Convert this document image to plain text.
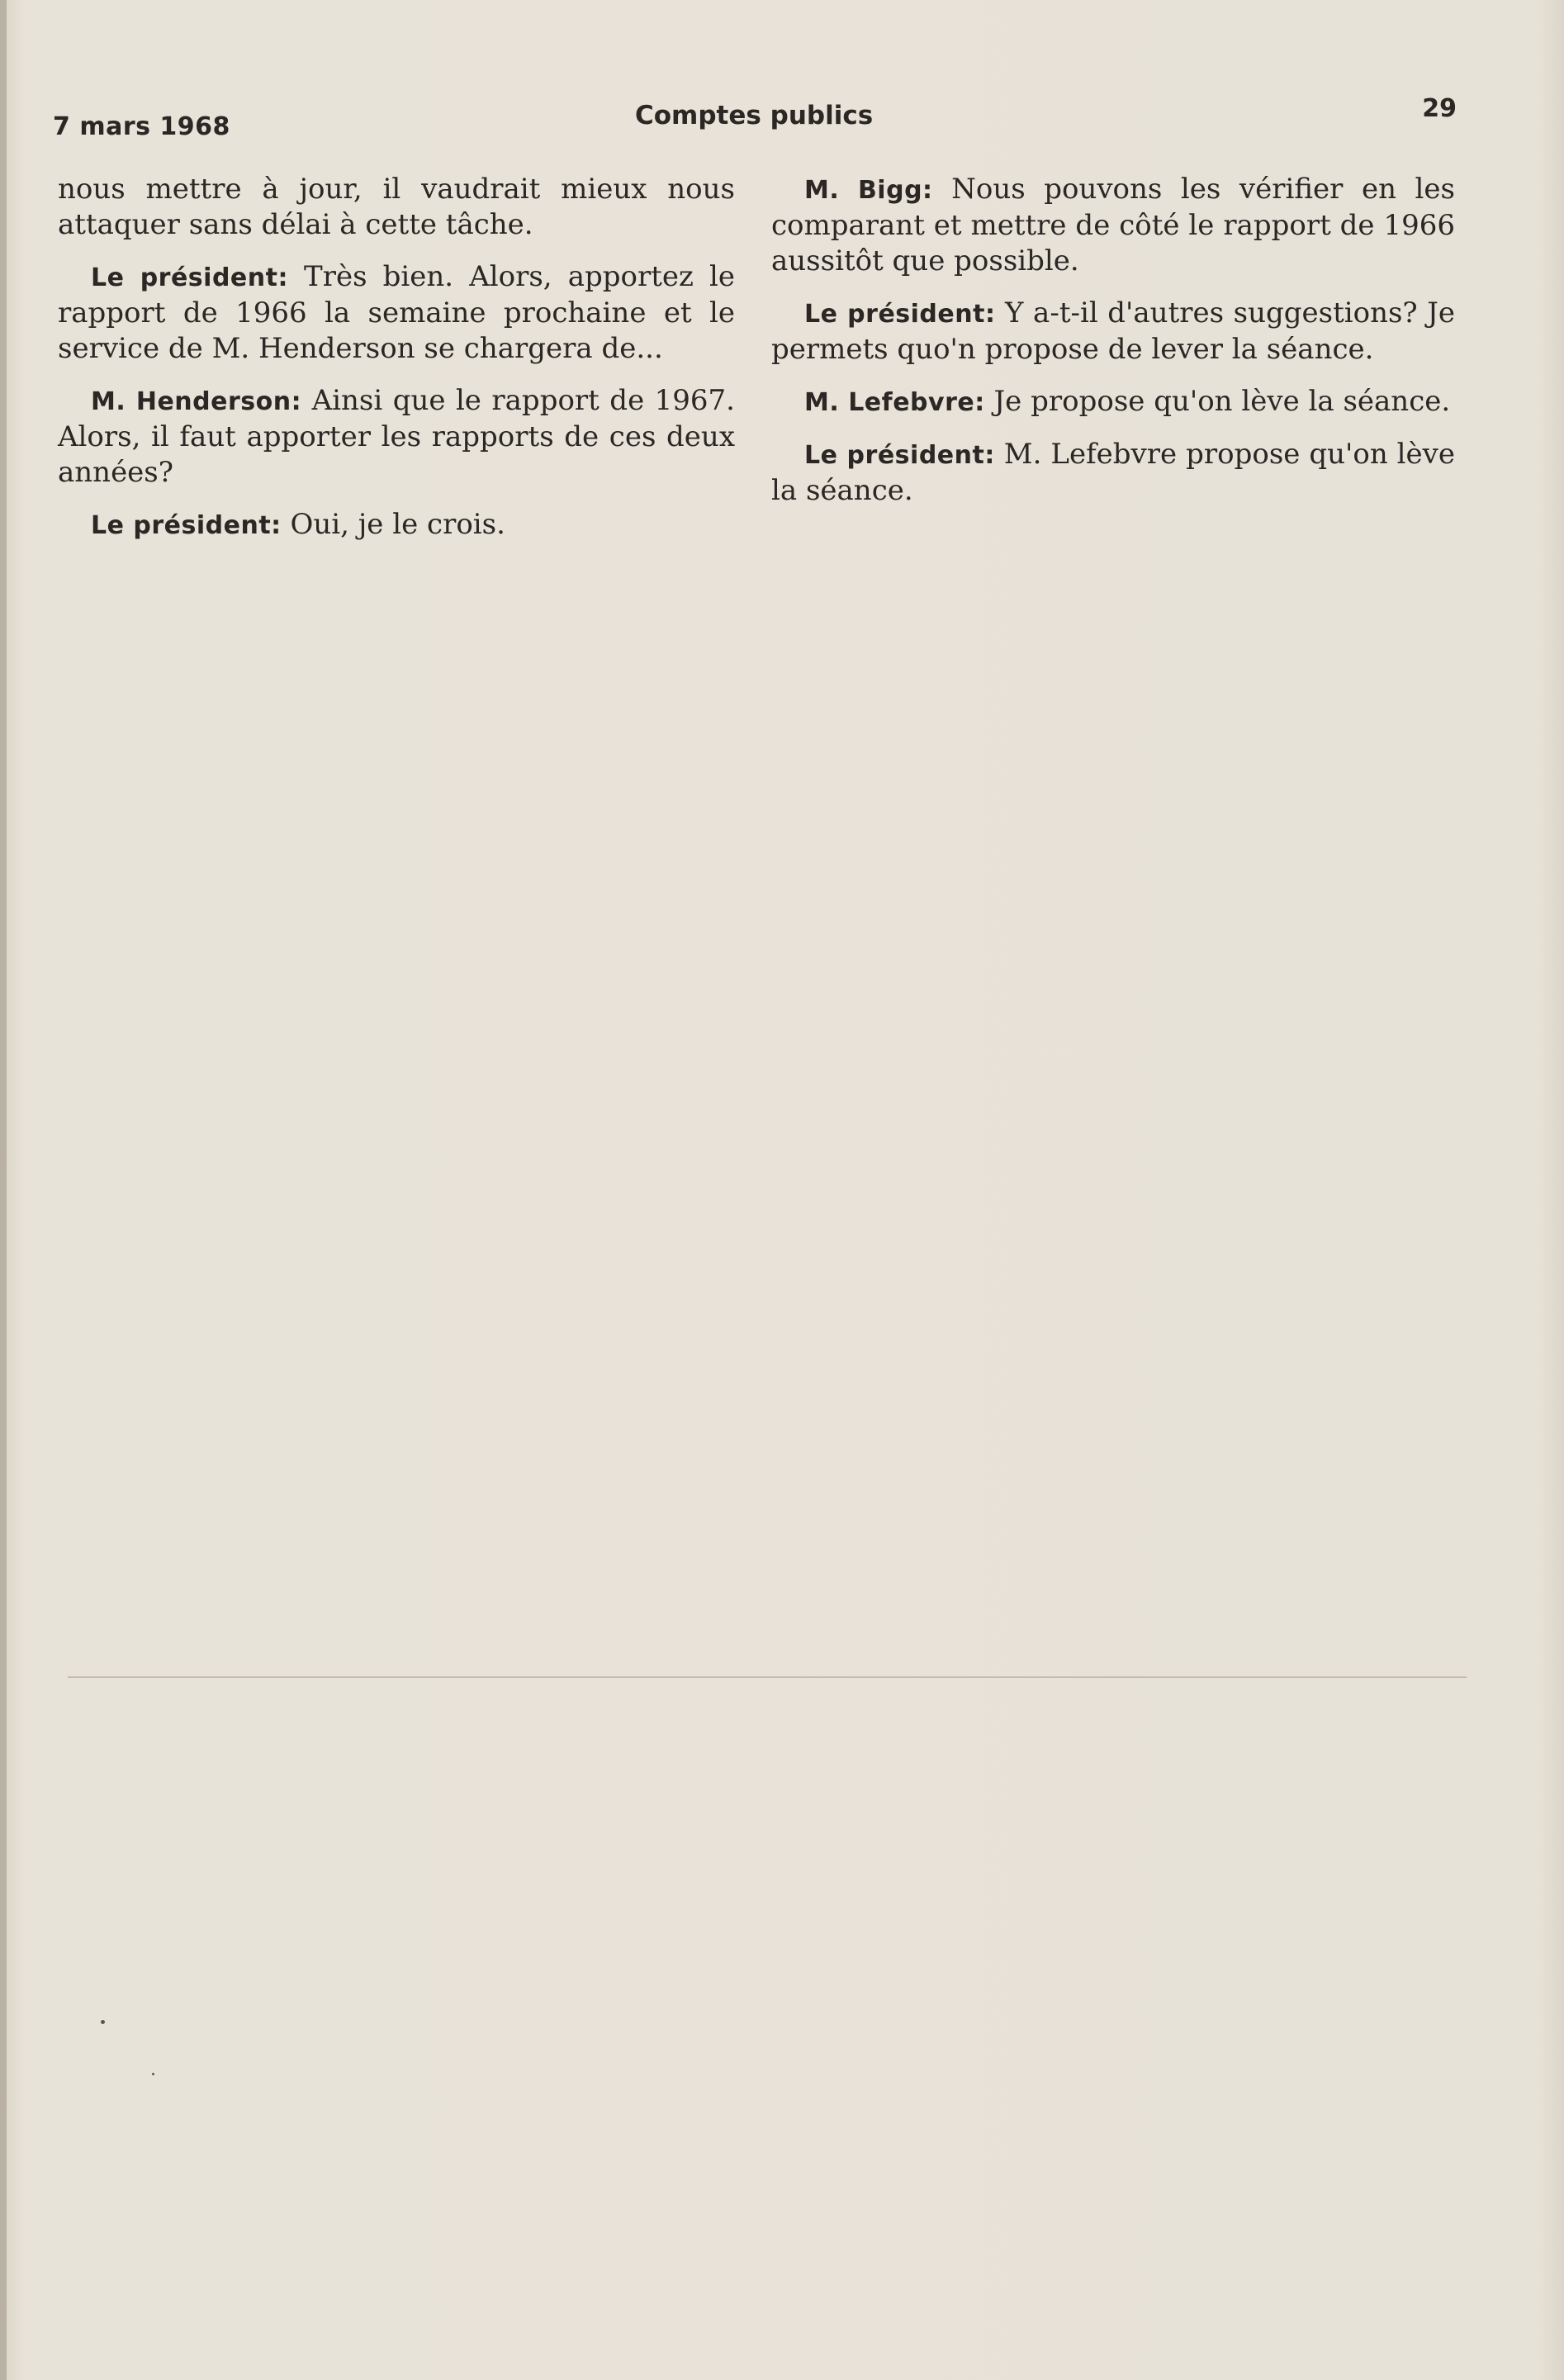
7 mars 1968	Comptes publics	29

nous mettre à jour, il vaudrait mieux nous attaquer sans délai à cette tâche.

Le président: Très bien. Alors, apportez le rapport de 1966 la semaine prochaine et le service de M. Henderson se chargera de...

M. Henderson: Ainsi que le rapport de 1967. Alors, il faut apporter les rapports de ces deux années?

Le président: Oui, je le crois.

M. Bigg: Nous pouvons les vérifier en les comparant et mettre de côté le rapport de 1966 aussitôt que possible.

Le président: Y a-t-il d'autres suggestions? Je permets quo'n propose de lever la séance.

M. Lefebvre: Je propose qu'on lève la séance.

Le président: M. Lefebvre propose qu'on lève la séance.
